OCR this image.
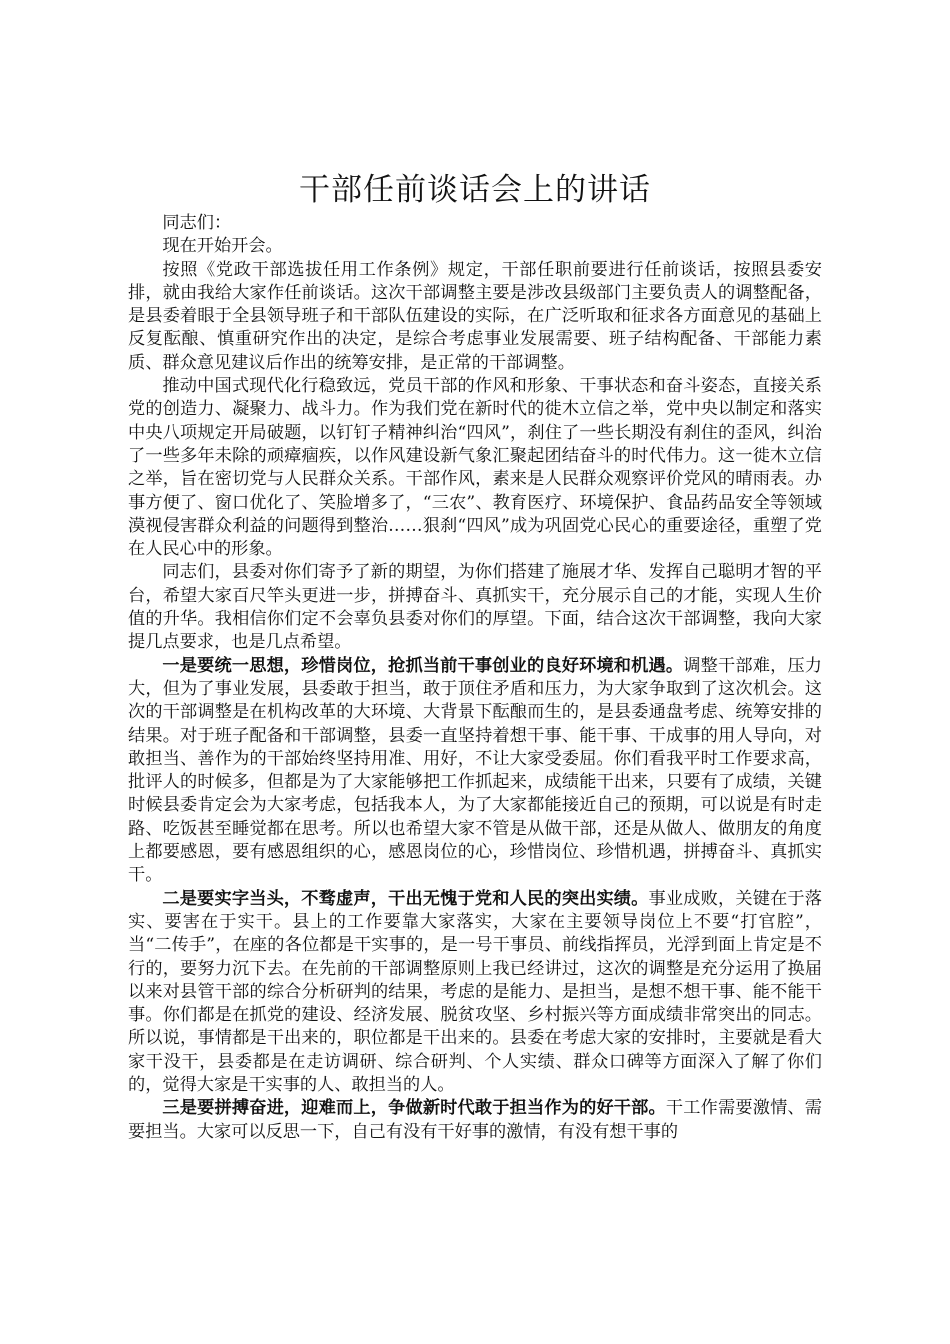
干部任前谈话会上的讲话

同志们：

现在开始开会。

按照《党政干部选拔任用工作条例》规定，干部任职前要进行任前谈话，按照县委安排，就由我给大家作任前谈话。这次干部调整主要是涉改县级部门主要负责人的调整配备，是县委着眼于全县领导班子和干部队伍建设的实际，在广泛听取和征求各方面意见的基础上反复酝酿、慎重研究作出的决定，是综合考虑事业发展需要、班子结构配备、干部能力素质、群众意见建议后作出的统筹安排，是正常的干部调整。

推动中国式现代化行稳致远，党员干部的作风和形象、干事状态和奋斗姿态，直接关系党的创造力、凝聚力、战斗力。作为我们党在新时代的徙木立信之举，党中央以制定和落实中央八项规定开局破题，以钉钉子精神纠治“四风”，刹住了一些长期没有刹住的歪风，纠治了一些多年未除的顽瘴痼疾，以作风建设新气象汇聚起团结奋斗的时代伟力。这一徙木立信之举，旨在密切党与人民群众关系。干部作风，素来是人民群众观察评价党风的晴雨表。办事方便了、窗口优化了、笑脸增多了，“三农”、教育医疗、环境保护、食品药品安全等领域漠视侵害群众利益的问题得到整治……狠刹“四风”成为巩固党心民心的重要途径，重塑了党在人民心中的形象。

同志们，县委对你们寄予了新的期望，为你们搭建了施展才华、发挥自己聪明才智的平台，希望大家百尺竿头更进一步，拼搏奋斗、真抓实干，充分展示自己的才能，实现人生价值的升华。我相信你们定不会辜负县委对你们的厚望。下面，结合这次干部调整，我向大家提几点要求，也是几点希望。

一是要统一思想，珍惜岗位，抢抓当前干事创业的良好环境和机遇。调整干部难，压力大，但为了事业发展，县委敢于担当，敢于顶住矛盾和压力，为大家争取到了这次机会。这次的干部调整是在机构改革的大环境、大背景下酝酿而生的，是县委通盘考虑、统筹安排的结果。对于班子配备和干部调整，县委一直坚持着想干事、能干事、干成事的用人导向，对敢担当、善作为的干部始终坚持用准、用好，不让大家受委屈。你们看我平时工作要求高，批评人的时候多，但都是为了大家能够把工作抓起来，成绩能干出来，只要有了成绩，关键时候县委肯定会为大家考虑，包括我本人，为了大家都能接近自己的预期，可以说是有时走路、吃饭甚至睡觉都在思考。所以也希望大家不管是从做干部，还是从做人、做朋友的角度上都要感恩，要有感恩组织的心，感恩岗位的心，珍惜岗位、珍惜机遇，拼搏奋斗、真抓实干。

二是要实字当头，不骛虚声，干出无愧于党和人民的突出实绩。事业成败，关键在于落实、要害在于实干。县上的工作要靠大家落实，大家在主要领导岗位上不要“打官腔”，当“二传手”，在座的各位都是干实事的，是一号干事员、前线指挥员，光浮到面上肯定是不行的，要努力沉下去。在先前的干部调整原则上我已经讲过，这次的调整是充分运用了换届以来对县管干部的综合分析研判的结果，考虑的是能力、是担当，是想不想干事、能不能干事。你们都是在抓党的建设、经济发展、脱贫攻坚、乡村振兴等方面成绩非常突出的同志。所以说，事情都是干出来的，职位都是干出来的。县委在考虑大家的安排时，主要就是看大家干没干，县委都是在走访调研、综合研判、个人实绩、群众口碑等方面深入了解了你们的，觉得大家是干实事的人、敢担当的人。

三是要拼搏奋进，迎难而上，争做新时代敢于担当作为的好干部。干工作需要激情、需要担当。大家可以反思一下，自己有没有干好事的激情，有没有想干事的
